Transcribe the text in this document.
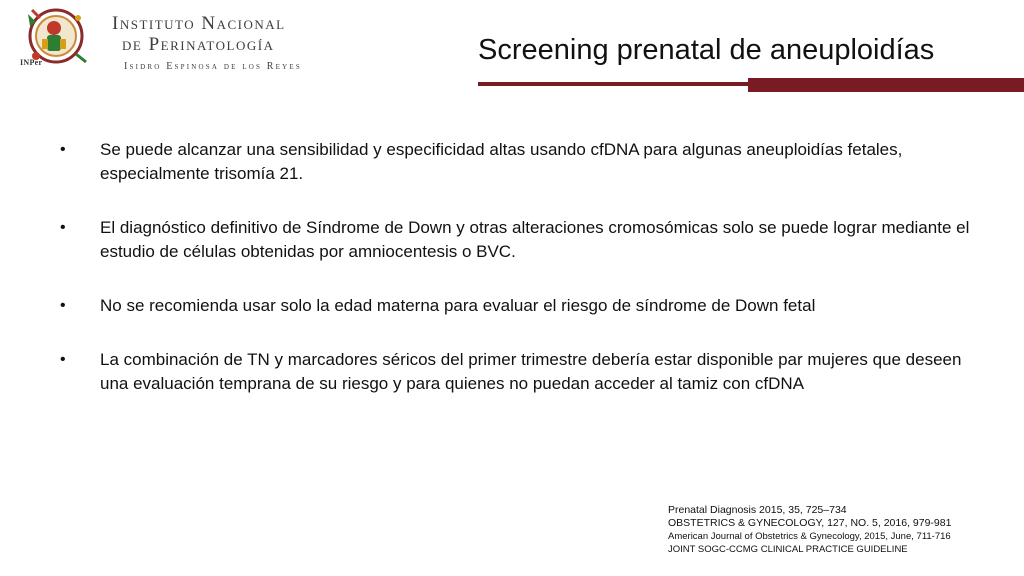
INPer
Instituto Nacional
de Perinatología
Isidro Espinosa de los Reyes
Screening prenatal de aneuploidías
• Se puede alcanzar una sensibilidad y especificidad altas usando cfDNA para algunas aneuploidías fetales, especialmente trisomía 21.
• El diagnóstico definitivo de Síndrome de Down y otras alteraciones cromosómicas solo se puede lograr mediante el estudio de células obtenidas por amniocentesis o BVC.
• No se recomienda usar solo la edad materna para evaluar el riesgo de síndrome de Down fetal
• La combinación de TN y marcadores séricos del primer trimestre debería estar disponible par mujeres que deseen una evaluación temprana de su riesgo y para quienes no puedan acceder al tamiz con cfDNA
Prenatal Diagnosis 2015, 35, 725–734
OBSTETRICS & GYNECOLOGY, 127, NO. 5, 2016, 979-981
American Journal of Obstetrics & Gynecology, 2015, June, 711-716
JOINT SOGC-CCMG CLINICAL PRACTICE GUIDELINE
